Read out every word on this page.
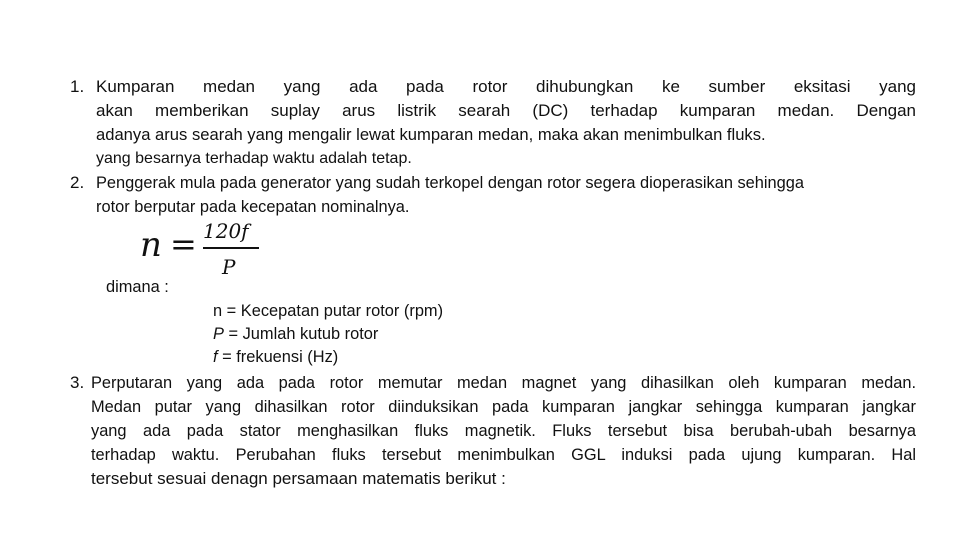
1. Kumparan medan yang ada pada rotor dihubungkan ke sumber eksitasi yang
akan memberikan suplay arus listrik searah (DC) terhadap kumparan medan. Dengan
adanya arus searah yang mengalir lewat kumparan medan, maka akan menimbulkan fluks.
yang besarnya terhadap waktu adalah tetap.
2. Penggerak mula pada generator yang sudah terkopel dengan rotor segera dioperasikan sehingga
rotor berputar pada kecepatan nominalnya.
n = 120f
P
dimana :
n = Kecepatan putar rotor (rpm)
P = Jumlah kutub rotor
f = frekuensi (Hz)
3. Perputaran yang ada pada rotor memutar medan magnet yang dihasilkan oleh kumparan medan.
Medan putar yang dihasilkan rotor diinduksikan pada kumparan jangkar sehingga kumparan jangkar
yang ada pada stator menghasilkan fluks magnetik. Fluks tersebut bisa berubah-ubah besarnya
terhadap waktu. Perubahan fluks tersebut menimbulkan GGL induksi pada ujung kumparan. Hal
tersebut sesuai denagn persamaan matematis berikut :
